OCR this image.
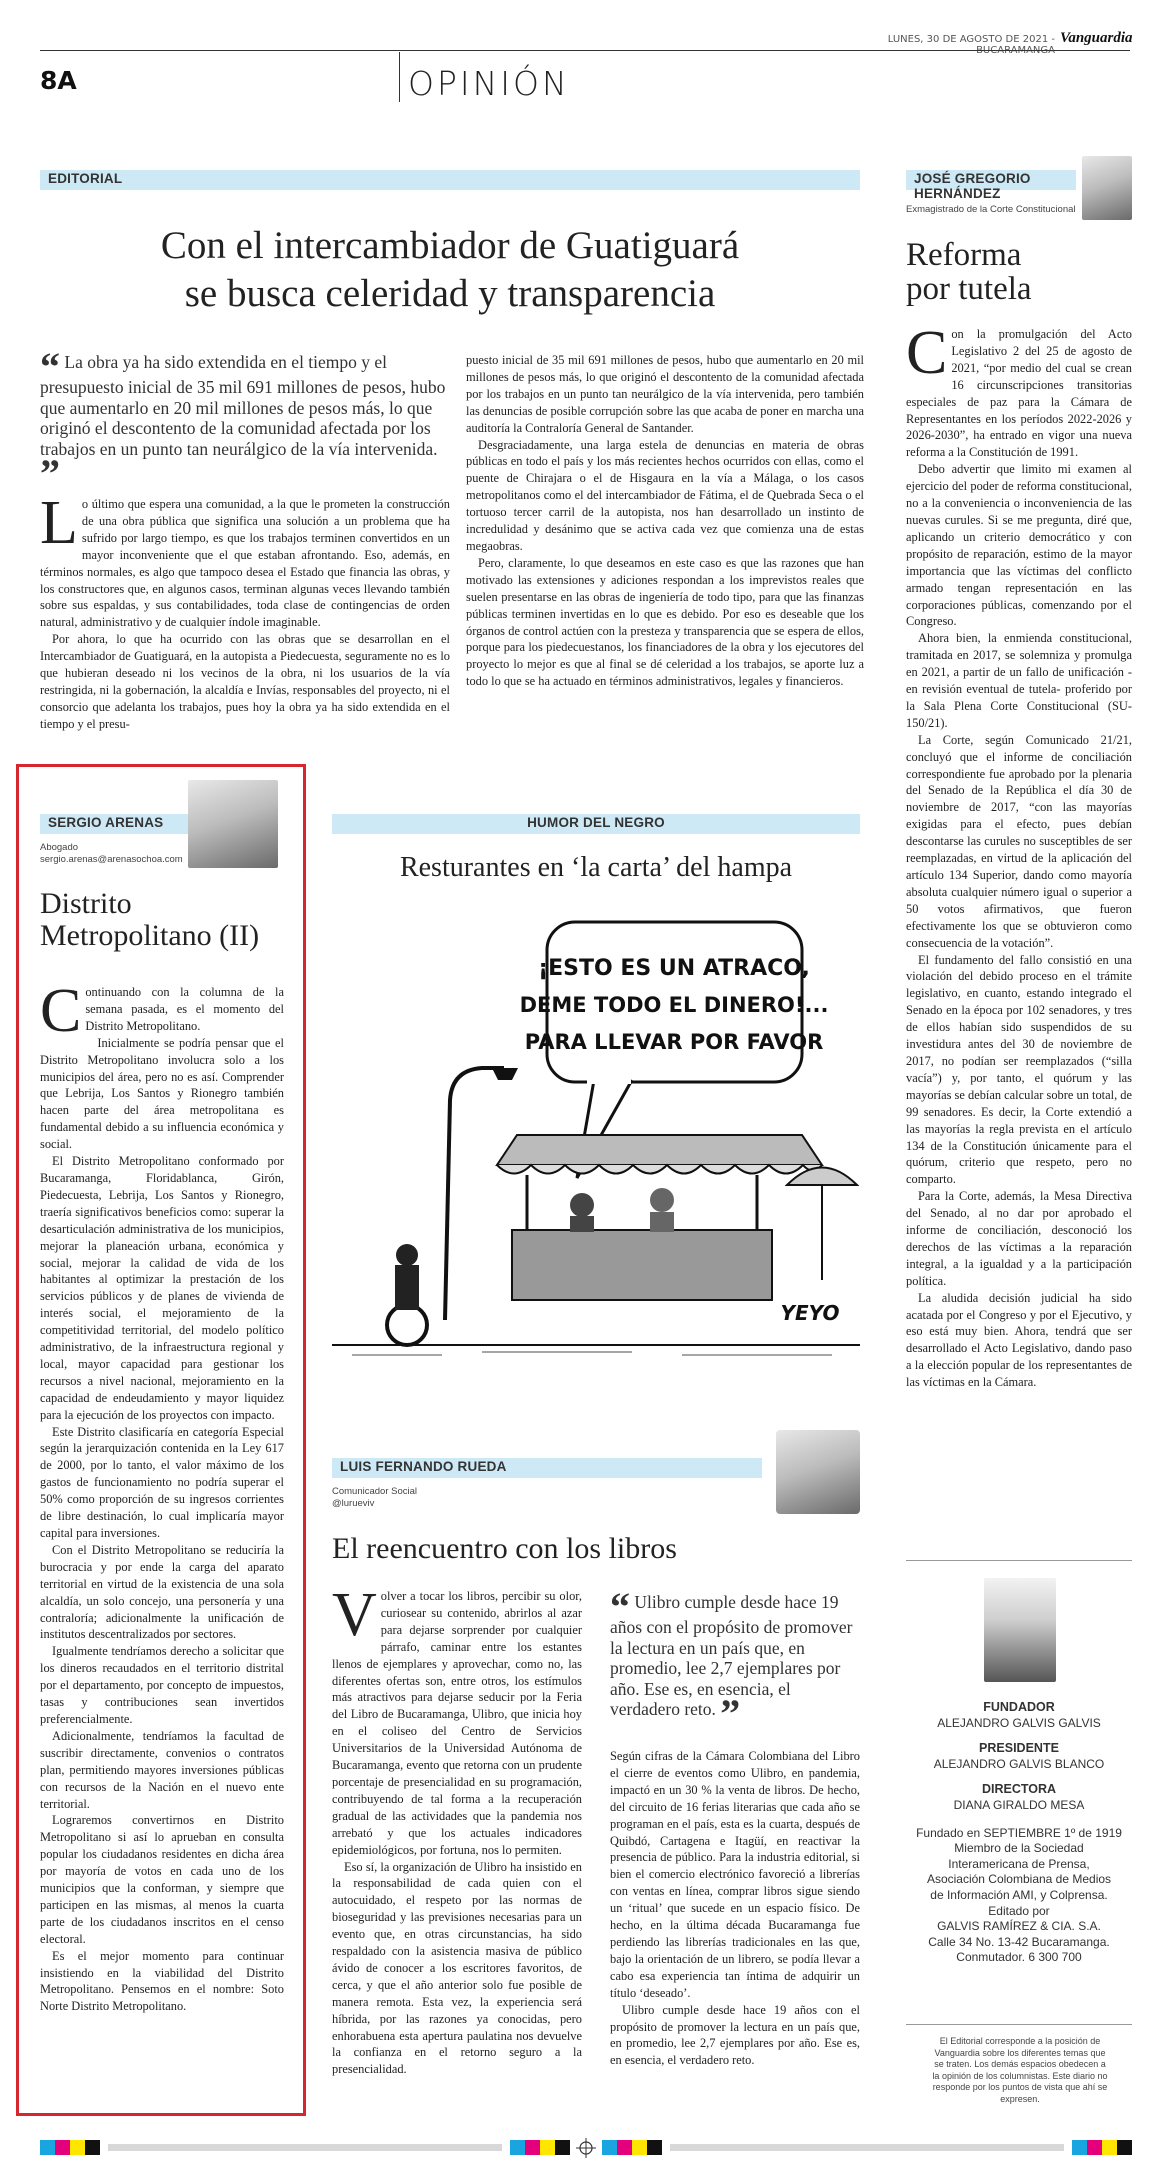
LUNES, 30 DE AGOSTO DE 2021 - BUCARAMANGA
Vanguardia
8A	OPINIÓN
EDITORIAL
Con el intercambiador de Guatiguará
se busca celeridad y transparencia
“ La obra ya ha sido extendida en el tiempo y el presupuesto inicial de 35 mil 691 millones de pesos, hubo que aumentarlo en 20 mil millones de pesos más, lo que originó el descontento de la comunidad afectada por los trabajos en un punto tan neurálgico de la vía intervenida. ”
L o último que espera una comunidad, a la que le prometen la construcción de una obra pública que significa una solución a un problema que ha sufrido por largo tiempo, es que los trabajos terminen convertidos en un mayor inconveniente que el que estaban afrontando. Eso, además, en términos normales, es algo que tampoco desea el Estado que financia las obras, y los constructores que, en algunos casos, terminan algunas veces llevando también sobre sus espaldas, y sus contabilidades, toda clase de contingencias de orden natural, administrativo y de cualquier índole imaginable.

Por ahora, lo que ha ocurrido con las obras que se desarrollan en el Intercambiador de Guatiguará, en la autopista a Piedecuesta, seguramente no es lo que hubieran deseado ni los vecinos de la obra, ni los usuarios de la vía restringida, ni la gobernación, la alcaldía e Invías, responsables del proyecto, ni el consorcio que adelanta los trabajos, pues hoy la obra ya ha sido extendida en el tiempo y el presu-

puesto inicial de 35 mil 691 millones de pesos, hubo que aumentarlo en 20 mil millones de pesos más, lo que originó el descontento de la comunidad afectada por los trabajos en un punto tan neurálgico de la vía intervenida, pero también las denuncias de posible corrupción sobre las que acaba de poner en marcha una auditoría la Contraloría General de Santander.

Desgraciadamente, una larga estela de denuncias en materia de obras públicas en todo el país y los más recientes hechos ocurridos con ellas, como el puente de Chirajara o el de Hisgaura en la vía a Málaga, o los casos metropolitanos como el del intercambiador de Fátima, el de Quebrada Seca o el tortuoso tercer carril de la autopista, nos han desarrollado un instinto de incredulidad y desánimo que se activa cada vez que comienza una de estas megaobras.

Pero, claramente, lo que deseamos en este caso es que las razones que han motivado las extensiones y adiciones respondan a los imprevistos reales que suelen presentarse en las obras de ingeniería de todo tipo, para que las finanzas públicas terminen invertidas en lo que es debido. Por eso es deseable que los órganos de control actúen con la presteza y transparencia que se espera de ellos, porque para los piedecuestanos, los financiadores de la obra y los ejecutores del proyecto lo mejor es que al final se dé celeridad a los trabajos, se aporte luz a todo lo que se ha actuado en términos administrativos, legales y financieros.

JOSÉ GREGORIO HERNÁNDEZ
Exmagistrado de la Corte Constitucional
Reforma
por tutela
C on la promulgación del Acto Legislativo 2 del 25 de agosto de 2021, “por medio del cual se crean 16 circunscripciones transitorias especiales de paz para la Cámara de Representantes en los períodos 2022-2026 y 2026-2030”, ha entrado en vigor una nueva reforma a la Constitución de 1991.

Debo advertir que limito mi examen al ejercicio del poder de reforma constitucional, no a la conveniencia o inconveniencia de las nuevas curules. Si se me pregunta, diré que, aplicando un criterio democrático y con propósito de reparación, estimo de la mayor importancia que las víctimas del conflicto armado tengan representación en las corporaciones públicas, comenzando por el Congreso.

Ahora bien, la enmienda constitucional, tramitada en 2017, se solemniza y promulga en 2021, a partir de un fallo de unificación -en revisión eventual de tutela- proferido por la Sala Plena Corte Constitucional (SU-150/21).

La Corte, según Comunicado 21/21, concluyó que el informe de conciliación correspondiente fue aprobado por la plenaria del Senado de la República el día 30 de noviembre de 2017, “con las mayorías exigidas para el efecto, pues debían descontarse las curules no susceptibles de ser reemplazadas, en virtud de la aplicación del artículo 134 Superior, dando como mayoría absoluta cualquier número igual o superior a 50 votos afirmativos, que fueron efectivamente los que se obtuvieron como consecuencia de la votación”.

El fundamento del fallo consistió en una violación del debido proceso en el trámite legislativo, en cuanto, estando integrado el Senado en la época por 102 senadores, y tres de ellos habían sido suspendidos de su investidura antes del 30 de noviembre de 2017, no podían ser reemplazados (“silla vacía”) y, por tanto, el quórum y las mayorías se debían calcular sobre un total, de 99 senadores. Es decir, la Corte extendió a las mayorías la regla prevista en el artículo 134 de la Constitución únicamente para el quórum, criterio que respeto, pero no comparto.

Para la Corte, además, la Mesa Directiva del Senado, al no dar por aprobado el informe de conciliación, desconoció los derechos de las víctimas a la reparación integral, a la igualdad y a la participación política.

La aludida decisión judicial ha sido acatada por el Congreso y por el Ejecutivo, y eso está muy bien. Ahora, tendrá que ser desarrollado el Acto Legislativo, dando paso a la elección popular de los representantes de las víctimas en la Cámara.

SERGIO ARENAS
Abogado
sergio.arenas@arenasochoa.com
Distrito
Metropolitano (II)
C ontinuando con la columna de la semana pasada, es el momento del Distrito Metropolitano.

Inicialmente se podría pensar que el Distrito Metropolitano involucra solo a los municipios del área, pero no es así. Comprender que Lebrija, Los Santos y Rionegro también hacen parte del área metropolitana es fundamental debido a su influencia económica y social.

El Distrito Metropolitano conformado por Bucaramanga, Floridablanca, Girón, Piedecuesta, Lebrija, Los Santos y Rionegro, traería significativos beneficios como: superar la desarticulación administrativa de los municipios, mejorar la planeación urbana, económica y social, mejorar la calidad de vida de los habitantes al optimizar la prestación de los servicios públicos y de planes de vivienda de interés social, el mejoramiento de la competitividad territorial, del modelo político administrativo, de la infraestructura regional y local, mayor capacidad para gestionar los recursos a nivel nacional, mejoramiento en la capacidad de endeudamiento y mayor liquidez para la ejecución de los proyectos con impacto.

Este Distrito clasificaría en categoría Especial según la jerarquización contenida en la Ley 617 de 2000, por lo tanto, el valor máximo de los gastos de funcionamiento no podría superar el 50% como proporción de su ingresos corrientes de libre destinación, lo cual implicaría mayor capital para inversiones.

Con el Distrito Metropolitano se reduciría la burocracia y por ende la carga del aparato territorial en virtud de la existencia de una sola alcaldía, un solo concejo, una personería y una contraloría; adicionalmente la unificación de institutos descentralizados por sectores.

Igualmente tendríamos derecho a solicitar que los dineros recaudados en el territorio distrital por el departamento, por concepto de impuestos, tasas y contribuciones sean invertidos preferencialmente.

Adicionalmente, tendríamos la facultad de suscribir directamente, convenios o contratos plan, permitiendo mayores inversiones públicas con recursos de la Nación en el nuevo ente territorial.

Lograremos convertirnos en Distrito Metropolitano si así lo aprueban en consulta popular los ciudadanos residentes en dicha área por mayoría de votos en cada uno de los municipios que la conforman, y siempre que participen en las mismas, al menos la cuarta parte de los ciudadanos inscritos en el censo electoral.

Es el mejor momento para continuar insistiendo en la viabilidad del Distrito Metropolitano. Pensemos en el nombre: Soto Norte Distrito Metropolitano.

HUMOR DEL NEGRO
Resturantes en ‘la carta’ del hampa
¡ESTO ES UN ATRACO,
DEME TODO EL DINERO!...
PARA LLEVAR POR FAVOR
YEYO
LUIS FERNANDO RUEDA
Comunicador Social
@lurueviv
El reencuentro con los libros
V olver a tocar los libros, percibir su olor, curiosear su contenido, abrirlos al azar para dejarse sorprender por cualquier párrafo, caminar entre los estantes llenos de ejemplares y aprovechar, como no, las diferentes ofertas son, entre otros, los estímulos más atractivos para dejarse seducir por la Feria del Libro de Bucaramanga, Ulibro, que inicia hoy en el coliseo del Centro de Servicios Universitarios de la Universidad Autónoma de Bucaramanga, evento que retorna con un prudente porcentaje de presencialidad en su programación, contribuyendo de tal forma a la recuperación gradual de las actividades que la pandemia nos arrebató y que los actuales indicadores epidemiológicos, por fortuna, nos lo permiten.

Eso sí, la organización de Ulibro ha insistido en la responsabilidad de cada quien con el autocuidado, el respeto por las normas de bioseguridad y las previsiones necesarias para un evento que, en otras circunstancias, ha sido respaldado con la asistencia masiva de público ávido de conocer a los escritores favoritos, de cerca, y que el año anterior solo fue posible de manera remota. Esta vez, la experiencia será híbrida, por las razones ya conocidas, pero enhorabuena esta apertura paulatina nos devuelve la confianza en el retorno seguro a la presencialidad.

“ Ulibro cumple desde hace 19 años con el propósito de promover la lectura en un país que, en promedio, lee 2,7 ejemplares por año. Ese es, en esencia, el verdadero reto. ”

Según cifras de la Cámara Colombiana del Libro el cierre de eventos como Ulibro, en pandemia, impactó en un 30 % la venta de libros. De hecho, del circuito de 16 ferias literarias que cada año se programan en el país, esta es la cuarta, después de Quibdó, Cartagena e Itagüí, en reactivar la presencia de público. Para la industria editorial, si bien el comercio electrónico favoreció a librerías con ventas en línea, comprar libros sigue siendo un ‘ritual’ que sucede en un espacio físico. De hecho, en la última década Bucaramanga fue perdiendo las librerías tradicionales en las que, bajo la orientación de un librero, se podía llevar a cabo esa experiencia tan íntima de adquirir un título ‘deseado’.

Ulibro cumple desde hace 19 años con el propósito de promover la lectura en un país que, en promedio, lee 2,7 ejemplares por año. Ese es, en esencia, el verdadero reto.

FUNDADOR
ALEJANDRO GALVIS GALVIS
PRESIDENTE
ALEJANDRO GALVIS BLANCO
DIRECTORA
DIANA GIRALDO MESA
Fundado en SEPTIEMBRE 1º de 1919
Miembro de la Sociedad
Interamericana de Prensa,
Asociación Colombiana de Medios
de Información AMI, y Colprensa.
Editado por
GALVIS RAMÍREZ & CIA. S.A.
Calle 34 No. 13-42 Bucaramanga.
Conmutador. 6 300 700
El Editorial corresponde a la posición de Vanguardia sobre los diferentes temas que se traten. Los demás espacios obedecen a la opinión de los columnistas. Este diario no responde por los puntos de vista que ahí se expresen.
